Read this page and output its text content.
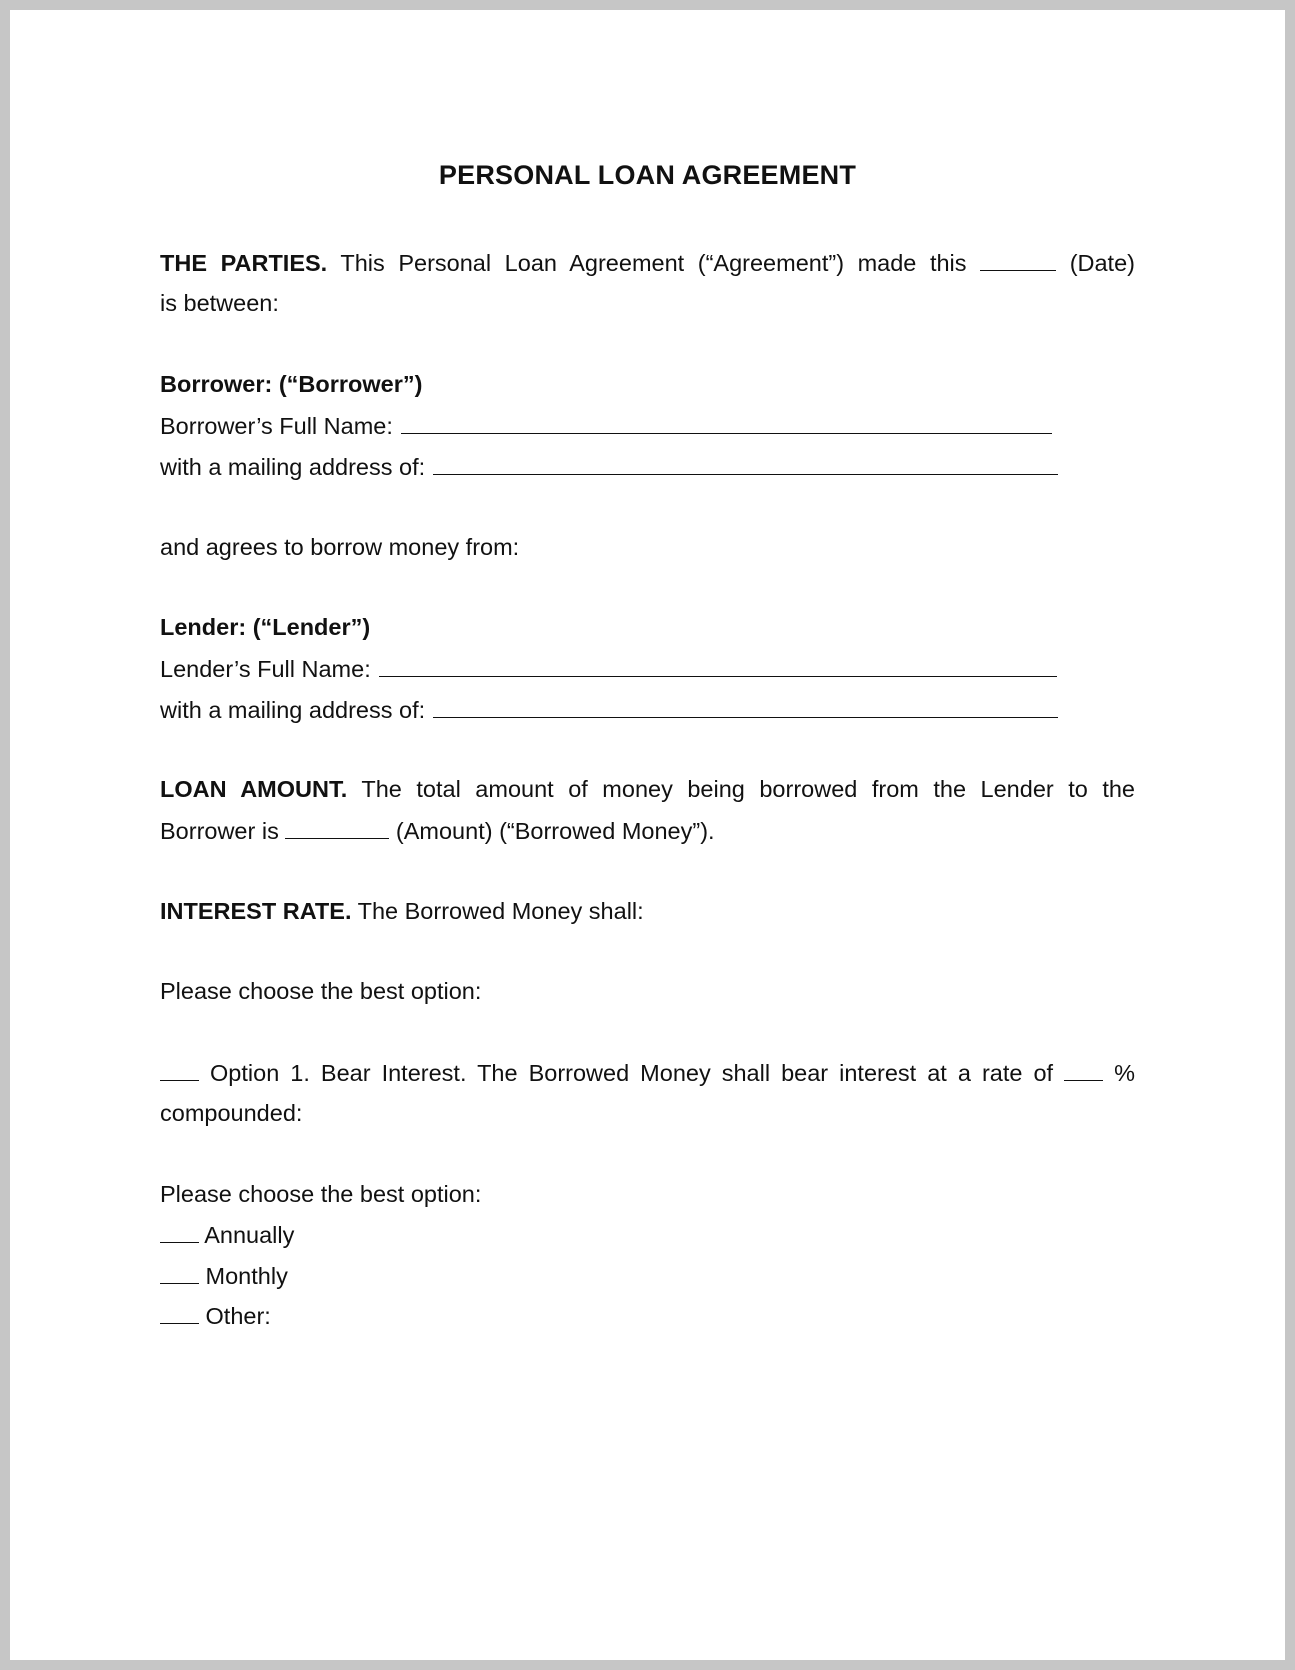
PERSONAL LOAN AGREEMENT
THE PARTIES. This Personal Loan Agreement (“Agreement”) made this	(Date)
is between:
Borrower: (“Borrower”)
Borrower’s Full Name:
with a mailing address of:
and agrees to borrow money from:
Lender: (“Lender”)
Lender’s Full Name:
with a mailing address of:
LOAN AMOUNT. The total amount of money being borrowed from the Lender to the
Borrower is	(Amount) (“Borrowed Money”).
INTEREST RATE. The Borrowed Money shall:
Please choose the best option:
Option 1. Bear Interest. The Borrowed Money shall bear interest at a rate of	%
compounded:
Please choose the best option:
Annually
Monthly
Other:
